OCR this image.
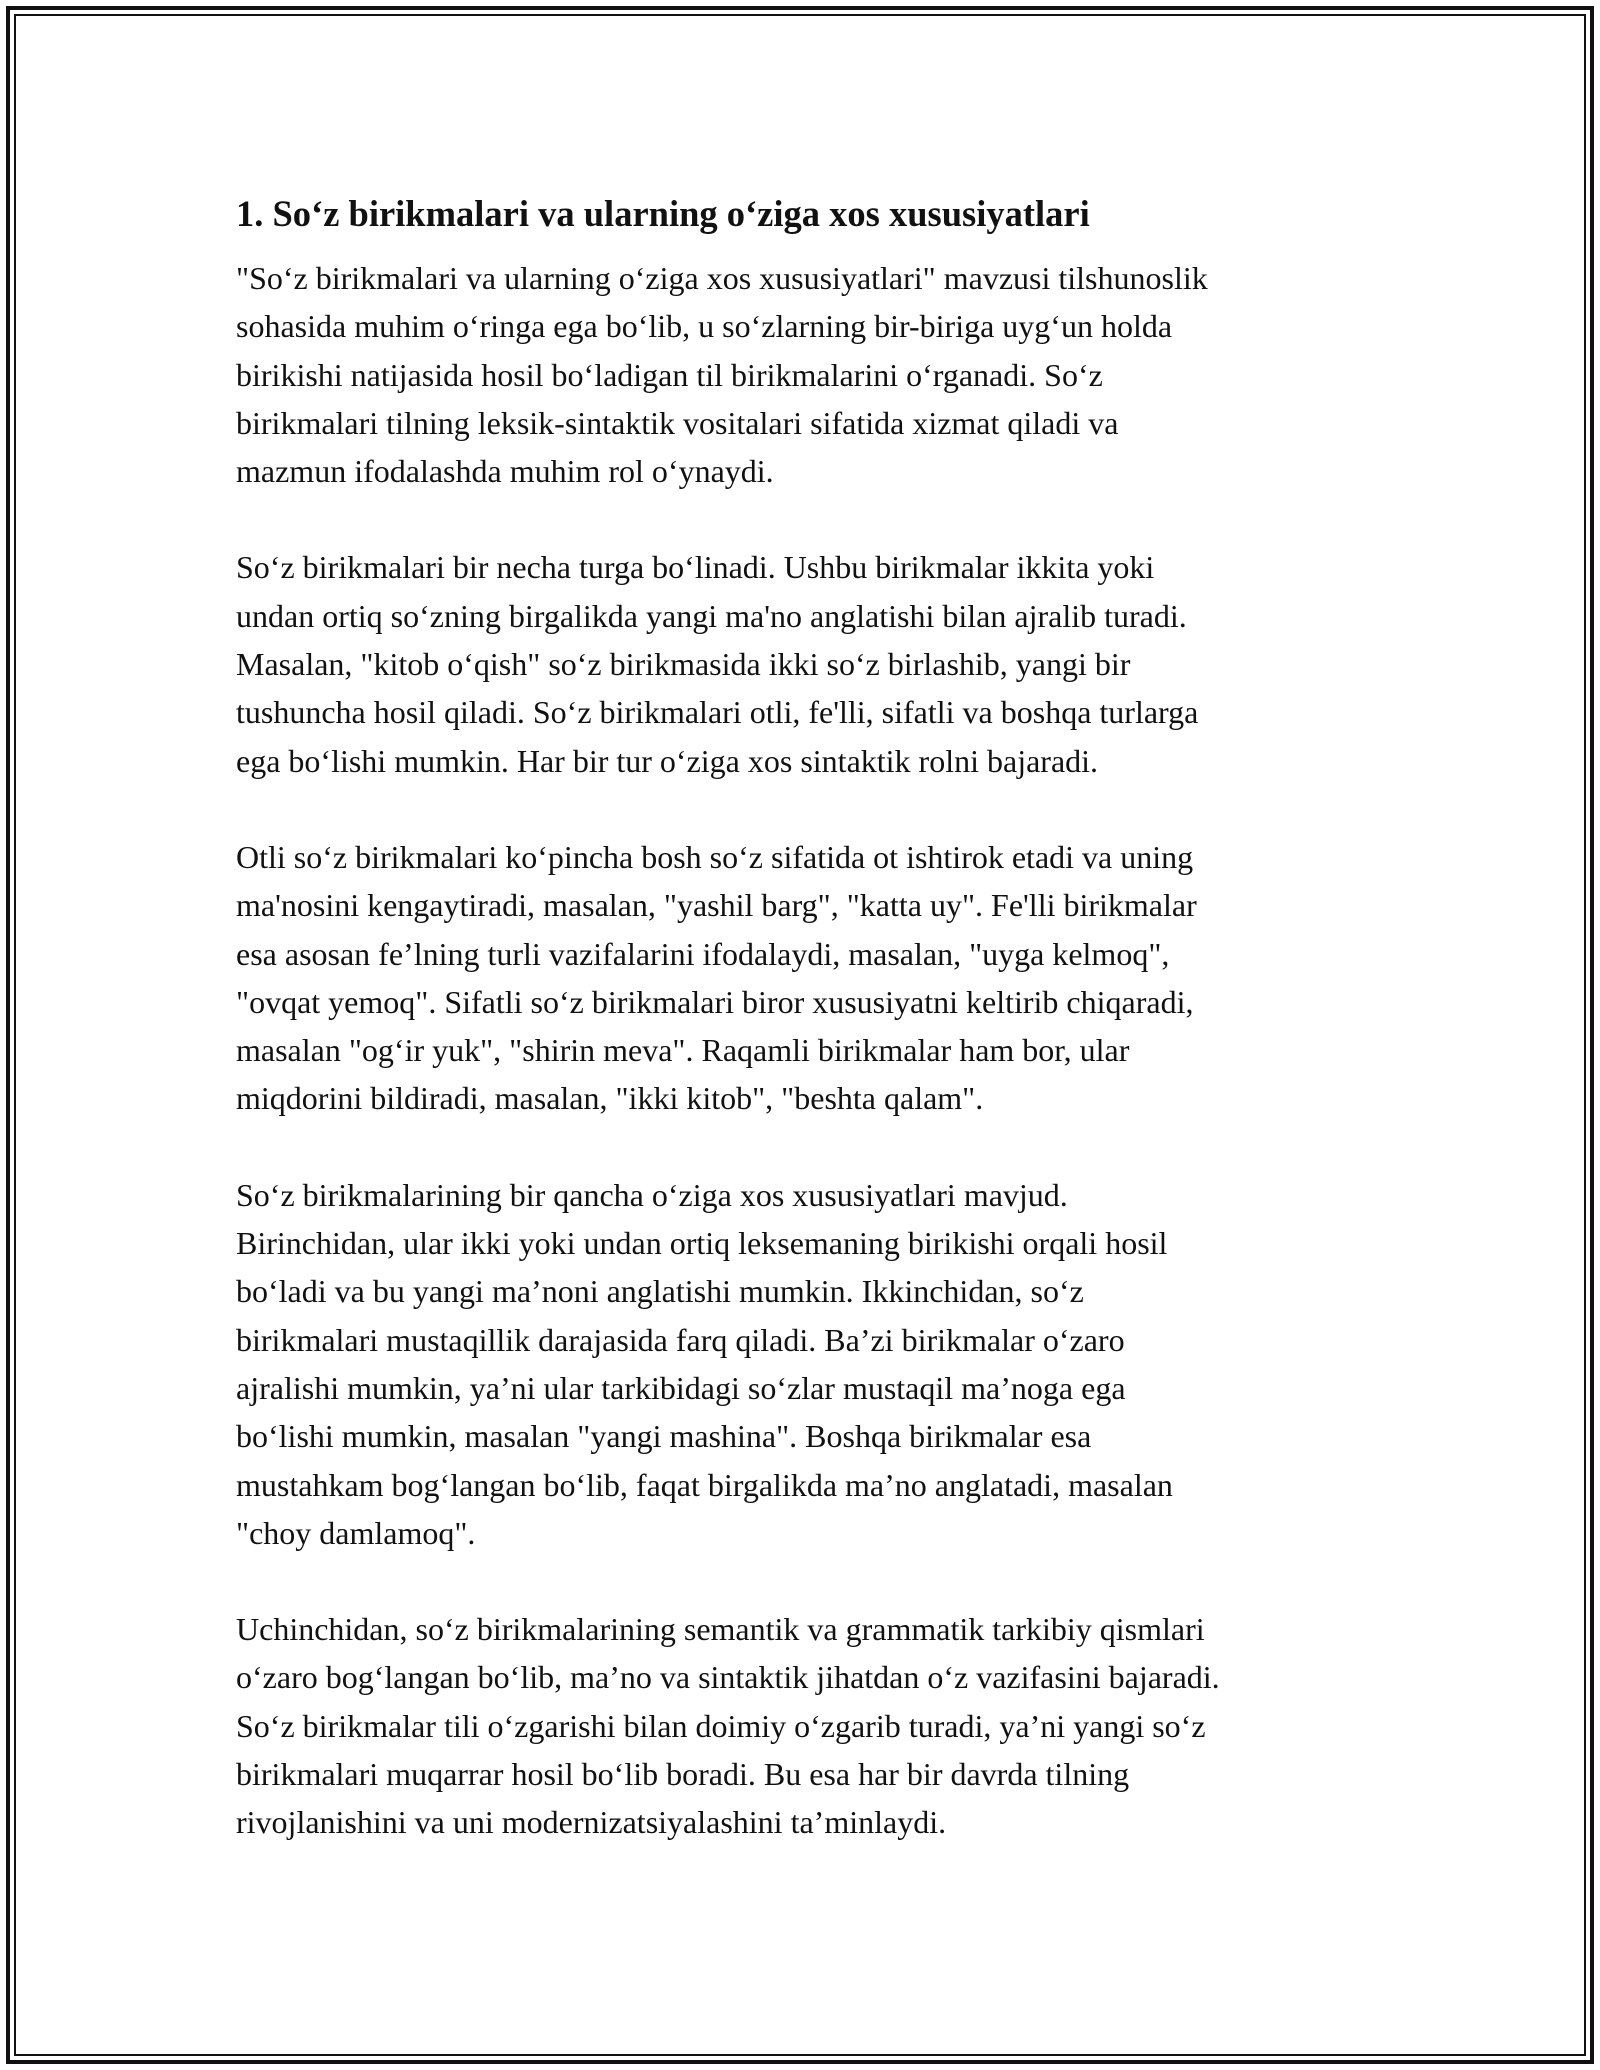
1. So‘z birikmalari va ularning o‘ziga xos xususiyatlari
"So‘z birikmalari va ularning o‘ziga xos xususiyatlari" mavzusi tilshunoslik
sohasida muhim o‘ringa ega bo‘lib, u so‘zlarning bir-biriga uyg‘un holda
birikishi natijasida hosil bo‘ladigan til birikmalarini o‘rganadi. So‘z
birikmalari tilning leksik-sintaktik vositalari sifatida xizmat qiladi va
mazmun ifodalashda muhim rol o‘ynaydi.
So‘z birikmalari bir necha turga bo‘linadi. Ushbu birikmalar ikkita yoki
undan ortiq so‘zning birgalikda yangi ma'no anglatishi bilan ajralib turadi.
Masalan, "kitob o‘qish" so‘z birikmasida ikki so‘z birlashib, yangi bir
tushuncha hosil qiladi. So‘z birikmalari otli, fe'lli, sifatli va boshqa turlarga
ega bo‘lishi mumkin. Har bir tur o‘ziga xos sintaktik rolni bajaradi.
Otli so‘z birikmalari ko‘pincha bosh so‘z sifatida ot ishtirok etadi va uning
ma'nosini kengaytiradi, masalan, "yashil barg", "katta uy". Fe'lli birikmalar
esa asosan fe’lning turli vazifalarini ifodalaydi, masalan, "uyga kelmoq",
"ovqat yemoq". Sifatli so‘z birikmalari biror xususiyatni keltirib chiqaradi,
masalan "og‘ir yuk", "shirin meva". Raqamli birikmalar ham bor, ular
miqdorini bildiradi, masalan, "ikki kitob", "beshta qalam".
So‘z birikmalarining bir qancha o‘ziga xos xususiyatlari mavjud.
Birinchidan, ular ikki yoki undan ortiq leksemaning birikishi orqali hosil
bo‘ladi va bu yangi ma’noni anglatishi mumkin. Ikkinchidan, so‘z
birikmalari mustaqillik darajasida farq qiladi. Ba’zi birikmalar o‘zaro
ajralishi mumkin, ya’ni ular tarkibidagi so‘zlar mustaqil ma’noga ega
bo‘lishi mumkin, masalan "yangi mashina". Boshqa birikmalar esa
mustahkam bog‘langan bo‘lib, faqat birgalikda ma’no anglatadi, masalan
"choy damlamoq".
Uchinchidan, so‘z birikmalarining semantik va grammatik tarkibiy qismlari
o‘zaro bog‘langan bo‘lib, ma’no va sintaktik jihatdan o‘z vazifasini bajaradi.
So‘z birikmalar tili o‘zgarishi bilan doimiy o‘zgarib turadi, ya’ni yangi so‘z
birikmalari muqarrar hosil bo‘lib boradi. Bu esa har bir davrda tilning
rivojlanishini va uni modernizatsiyalashini ta’minlaydi.
